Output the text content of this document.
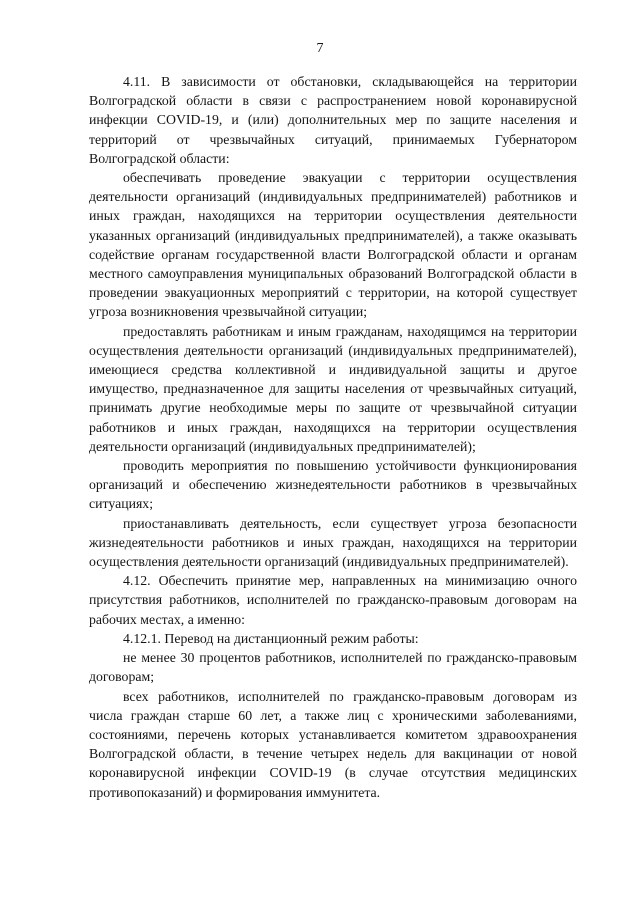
7

4.11. В зависимости от обстановки, складывающейся на территории Волгоградской области в связи с распространением новой коронавирусной инфекции COVID-19, и (или) дополнительных мер по защите населения и территорий от чрезвычайных ситуаций, принимаемых Губернатором Волгоградской области:

обеспечивать проведение эвакуации с территории осуществления деятельности организаций (индивидуальных предпринимателей) работников и иных граждан, находящихся на территории осуществления деятельности указанных организаций (индивидуальных предпринимателей), а также оказывать содействие органам государственной власти Волгоградской области и органам местного самоуправления муниципальных образований Волгоградской области в проведении эвакуационных мероприятий с территории, на которой существует угроза возникновения чрезвычайной ситуации;

предоставлять работникам и иным гражданам, находящимся на территории осуществления деятельности организаций (индивидуальных предпринимателей), имеющиеся средства коллективной и индивидуальной защиты и другое имущество, предназначенное для защиты населения от чрезвычайных ситуаций, принимать другие необходимые меры по защите от чрезвычайной ситуации работников и иных граждан, находящихся на территории осуществления деятельности организаций (индивидуальных предпринимателей);

проводить мероприятия по повышению устойчивости функционирования организаций и обеспечению жизнедеятельности работников в чрезвычайных ситуациях;

приостанавливать деятельность, если существует угроза безопасности жизнедеятельности работников и иных граждан, находящихся на территории осуществления деятельности организаций (индивидуальных предпринимателей).

4.12. Обеспечить принятие мер, направленных на минимизацию очного присутствия работников, исполнителей по гражданско-правовым договорам на рабочих местах, а именно:

4.12.1. Перевод на дистанционный режим работы:

не менее 30 процентов работников, исполнителей по гражданско-правовым договорам;

всех работников, исполнителей по гражданско-правовым договорам из числа граждан старше 60 лет, а также лиц с хроническими заболеваниями, состояниями, перечень которых устанавливается комитетом здравоохранения Волгоградской области, в течение четырех недель для вакцинации от новой коронавирусной инфекции COVID-19 (в случае отсутствия медицинских противопоказаний) и формирования иммунитета.
